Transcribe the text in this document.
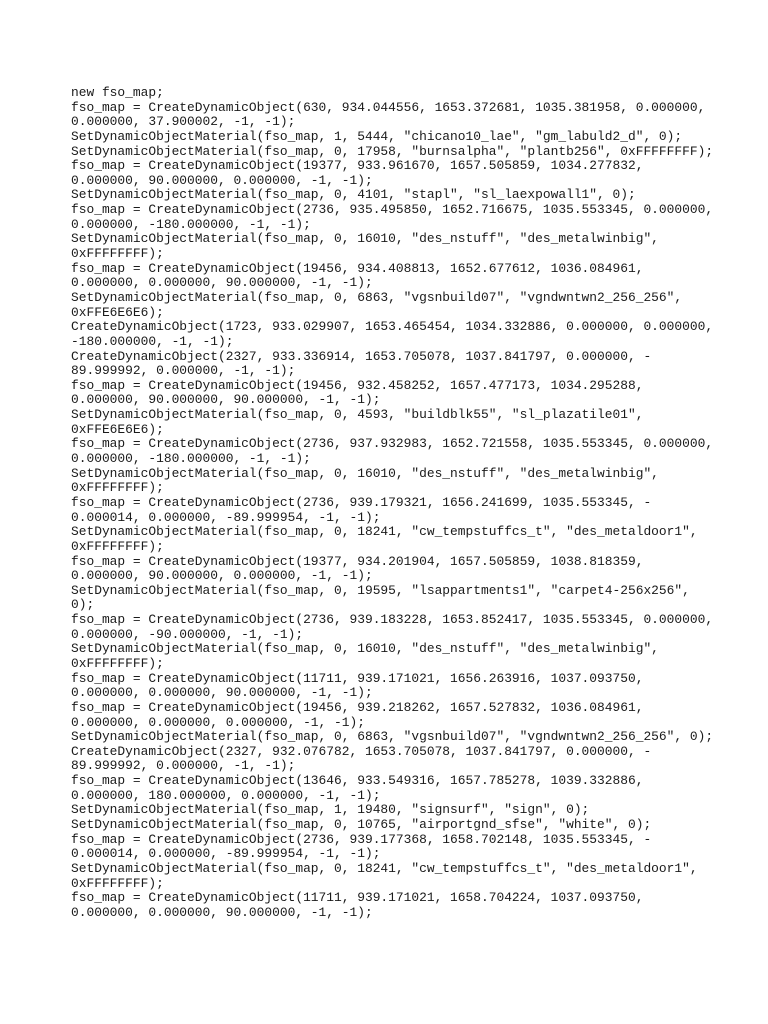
new fso_map;
fso_map = CreateDynamicObject(630, 934.044556, 1653.372681, 1035.381958, 0.000000,
0.000000, 37.900002, -1, -1);
SetDynamicObjectMaterial(fso_map, 1, 5444, "chicano10_lae", "gm_labuld2_d", 0);
SetDynamicObjectMaterial(fso_map, 0, 17958, "burnsalpha", "plantb256", 0xFFFFFFFF);
fso_map = CreateDynamicObject(19377, 933.961670, 1657.505859, 1034.277832,
0.000000, 90.000000, 0.000000, -1, -1);
SetDynamicObjectMaterial(fso_map, 0, 4101, "stapl", "sl_laexpowall1", 0);
fso_map = CreateDynamicObject(2736, 935.495850, 1652.716675, 1035.553345, 0.000000,
0.000000, -180.000000, -1, -1);
SetDynamicObjectMaterial(fso_map, 0, 16010, "des_nstuff", "des_metalwinbig",
0xFFFFFFFF);
fso_map = CreateDynamicObject(19456, 934.408813, 1652.677612, 1036.084961,
0.000000, 0.000000, 90.000000, -1, -1);
SetDynamicObjectMaterial(fso_map, 0, 6863, "vgsnbuild07", "vgndwntwn2_256_256",
0xFFE6E6E6);
CreateDynamicObject(1723, 933.029907, 1653.465454, 1034.332886, 0.000000, 0.000000,
-180.000000, -1, -1);
CreateDynamicObject(2327, 933.336914, 1653.705078, 1037.841797, 0.000000, -
89.999992, 0.000000, -1, -1);
fso_map = CreateDynamicObject(19456, 932.458252, 1657.477173, 1034.295288,
0.000000, 90.000000, 90.000000, -1, -1);
SetDynamicObjectMaterial(fso_map, 0, 4593, "buildblk55", "sl_plazatile01",
0xFFE6E6E6);
fso_map = CreateDynamicObject(2736, 937.932983, 1652.721558, 1035.553345, 0.000000,
0.000000, -180.000000, -1, -1);
SetDynamicObjectMaterial(fso_map, 0, 16010, "des_nstuff", "des_metalwinbig",
0xFFFFFFFF);
fso_map = CreateDynamicObject(2736, 939.179321, 1656.241699, 1035.553345, -
0.000014, 0.000000, -89.999954, -1, -1);
SetDynamicObjectMaterial(fso_map, 0, 18241, "cw_tempstuffcs_t", "des_metaldoor1",
0xFFFFFFFF);
fso_map = CreateDynamicObject(19377, 934.201904, 1657.505859, 1038.818359,
0.000000, 90.000000, 0.000000, -1, -1);
SetDynamicObjectMaterial(fso_map, 0, 19595, "lsappartments1", "carpet4-256x256",
0);
fso_map = CreateDynamicObject(2736, 939.183228, 1653.852417, 1035.553345, 0.000000,
0.000000, -90.000000, -1, -1);
SetDynamicObjectMaterial(fso_map, 0, 16010, "des_nstuff", "des_metalwinbig",
0xFFFFFFFF);
fso_map = CreateDynamicObject(11711, 939.171021, 1656.263916, 1037.093750,
0.000000, 0.000000, 90.000000, -1, -1);
fso_map = CreateDynamicObject(19456, 939.218262, 1657.527832, 1036.084961,
0.000000, 0.000000, 0.000000, -1, -1);
SetDynamicObjectMaterial(fso_map, 0, 6863, "vgsnbuild07", "vgndwntwn2_256_256", 0);
CreateDynamicObject(2327, 932.076782, 1653.705078, 1037.841797, 0.000000, -
89.999992, 0.000000, -1, -1);
fso_map = CreateDynamicObject(13646, 933.549316, 1657.785278, 1039.332886,
0.000000, 180.000000, 0.000000, -1, -1);
SetDynamicObjectMaterial(fso_map, 1, 19480, "signsurf", "sign", 0);
SetDynamicObjectMaterial(fso_map, 0, 10765, "airportgnd_sfse", "white", 0);
fso_map = CreateDynamicObject(2736, 939.177368, 1658.702148, 1035.553345, -
0.000014, 0.000000, -89.999954, -1, -1);
SetDynamicObjectMaterial(fso_map, 0, 18241, "cw_tempstuffcs_t", "des_metaldoor1",
0xFFFFFFFF);
fso_map = CreateDynamicObject(11711, 939.171021, 1658.704224, 1037.093750,
0.000000, 0.000000, 90.000000, -1, -1);
